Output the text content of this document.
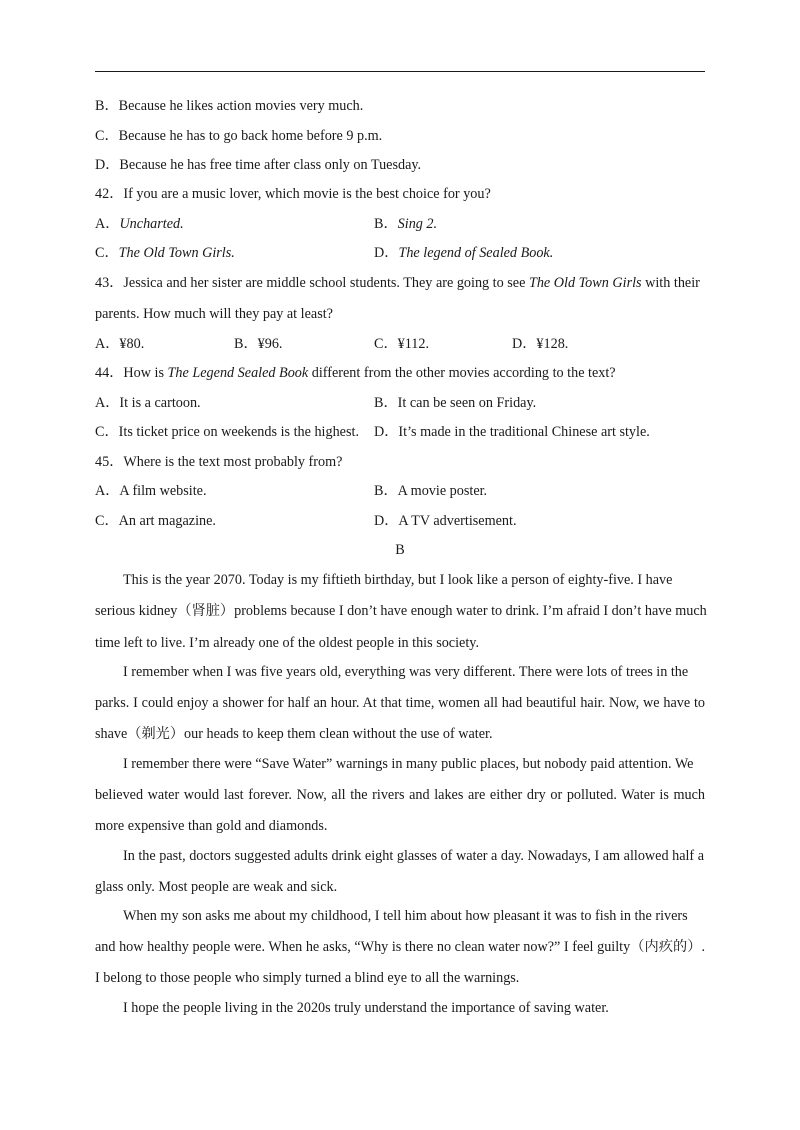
B．Because he likes action movies very much.
C．Because he has to go back home before 9 p.m.
D．Because he has free time after class only on Tuesday.
42．If you are a music lover, which movie is the best choice for you?
A．Uncharted.	B．Sing 2.
C．The Old Town Girls.	D．The legend of Sealed Book.
43．Jessica and her sister are middle school students. They are going to see The Old Town Girls with their
parents. How much will they pay at least?
A．¥80.	B．¥96.	C．¥112.	D．¥128.
44．How is The Legend Sealed Book different from the other movies according to the text?
A．It is a cartoon.	B．It can be seen on Friday.
C．Its ticket price on weekends is the highest. D．It’s made in the traditional Chinese art style.
45．Where is the text most probably from?
A．A film website.	B．A movie poster.
C．An art magazine.	D．A TV advertisement.
B
This is the year 2070. Today is my fiftieth birthday, but I look like a person of eighty-five. I have
serious kidney（肾脏）problems because I don’t have enough water to drink. I’m afraid I don’t have much
time left to live. I’m already one of the oldest people in this society.
I remember when I was five years old, everything was very different. There were lots of trees in the
parks. I could enjoy a shower for half an hour. At that time, women all had beautiful hair. Now, we have to
shave（剃光）our heads to keep them clean without the use of water.
I remember there were “Save Water” warnings in many public places, but nobody paid attention. We
believed water would last forever. Now, all the rivers and lakes are either dry or polluted. Water is much
more expensive than gold and diamonds.
In the past, doctors suggested adults drink eight glasses of water a day. Nowadays, I am allowed half a
glass only. Most people are weak and sick.
When my son asks me about my childhood, I tell him about how pleasant it was to fish in the rivers
and how healthy people were. When he asks, “Why is there no clean water now?” I feel guilty（内疚的）.
I belong to those people who simply turned a blind eye to all the warnings.
I hope the people living in the 2020s truly understand the importance of saving water.
